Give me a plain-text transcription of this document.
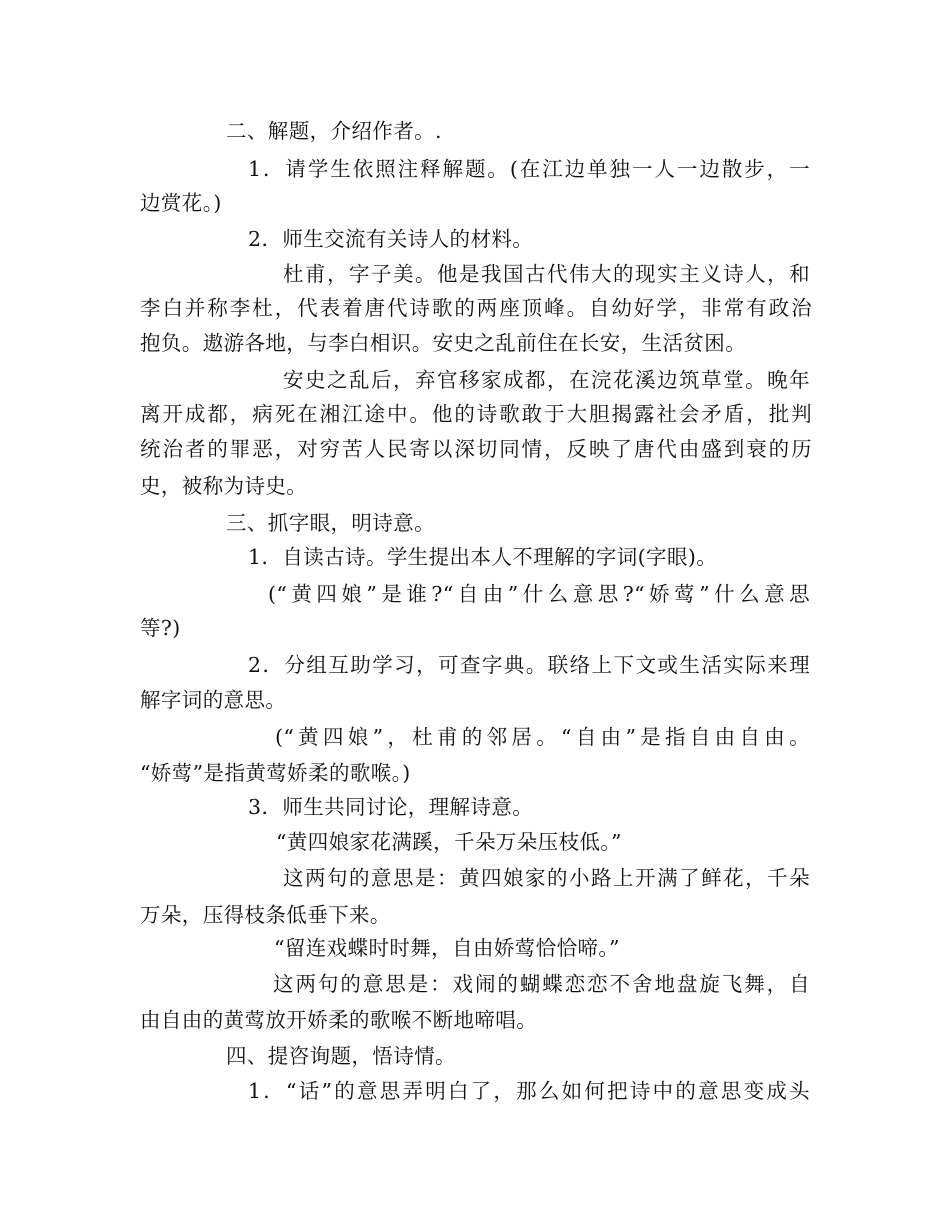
二、解题，介绍作者。.
1．请学生依照注释解题。(在江边单独一人一边散步，一
边赏花。)
2．师生交流有关诗人的材料。
杜甫，字子美。他是我国古代伟大的现实主义诗人，和
李白并称李杜，代表着唐代诗歌的两座顶峰。自幼好学，非常有政治
抱负。遨游各地，与李白相识。安史之乱前住在长安，生活贫困。
安史之乱后，弃官移家成都，在浣花溪边筑草堂。晚年
离开成都，病死在湘江途中。他的诗歌敢于大胆揭露社会矛盾，批判
统治者的罪恶，对穷苦人民寄以深切同情，反映了唐代由盛到衰的历
史，被称为诗史。
三、抓字眼，明诗意。
1．自读古诗。学生提出本人不理解的字词(字眼)。
(“黄四娘”是谁?“自由”什么意思?“娇莺”什么意思
等?)
2．分组互助学习，可查字典。联络上下文或生活实际来理
解字词的意思。
(“黄四娘”，杜甫的邻居。“自由”是指自由自由。
“娇莺”是指黄莺娇柔的歌喉。)
3．师生共同讨论，理解诗意。
“黄四娘家花满蹊，千朵万朵压枝低。”
这两句的意思是：黄四娘家的小路上开满了鲜花，千朵
万朵，压得枝条低垂下来。
“留连戏蝶时时舞，自由娇莺恰恰啼。”
这两句的意思是：戏闹的蝴蝶恋恋不舍地盘旋飞舞，自
由自由的黄莺放开娇柔的歌喉不断地啼唱。
四、提咨询题，悟诗情。
1．“话”的意思弄明白了，那么如何把诗中的意思变成头
